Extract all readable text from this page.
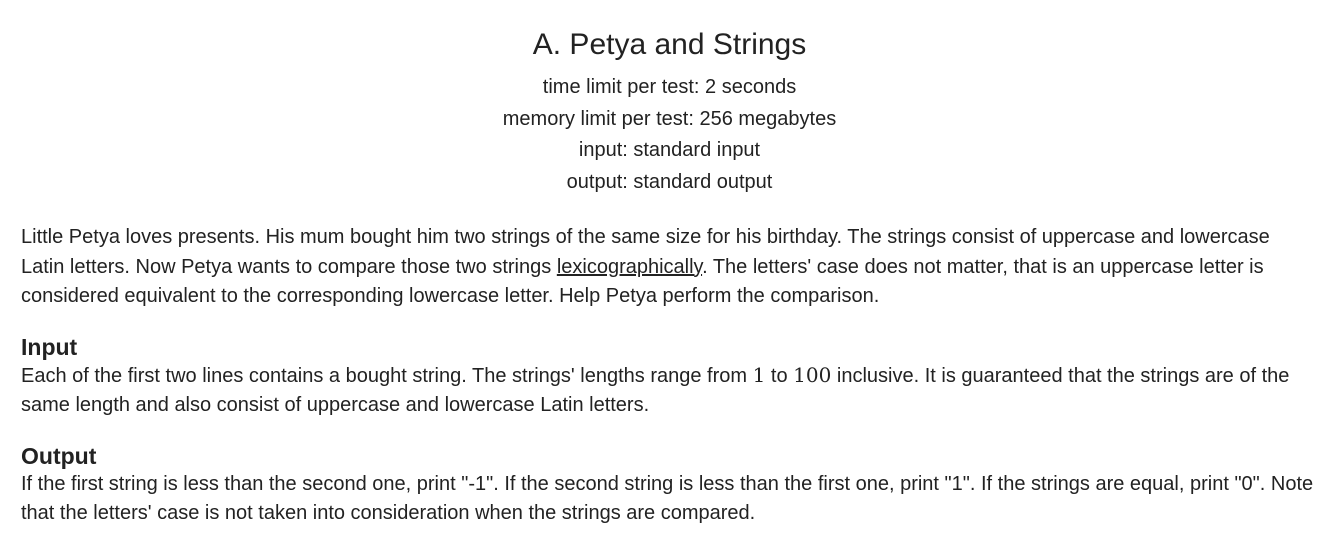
A. Petya and Strings
time limit per test: 2 seconds
memory limit per test: 256 megabytes
input: standard input
output: standard output

Little Petya loves presents. His mum bought him two strings of the same size for his birthday. The strings consist of uppercase and lowercase Latin letters. Now Petya wants to compare those two strings lexicographically. The letters' case does not matter, that is an uppercase letter is considered equivalent to the corresponding lowercase letter. Help Petya perform the comparison.

Input

Each of the first two lines contains a bought string. The strings' lengths range from 1 to 100 inclusive. It is guaranteed that the strings are of the same length and also consist of uppercase and lowercase Latin letters.

Output

If the first string is less than the second one, print "-1". If the second string is less than the first one, print "1". If the strings are equal, print "0". Note that the letters' case is not taken into consideration when the strings are compared.
